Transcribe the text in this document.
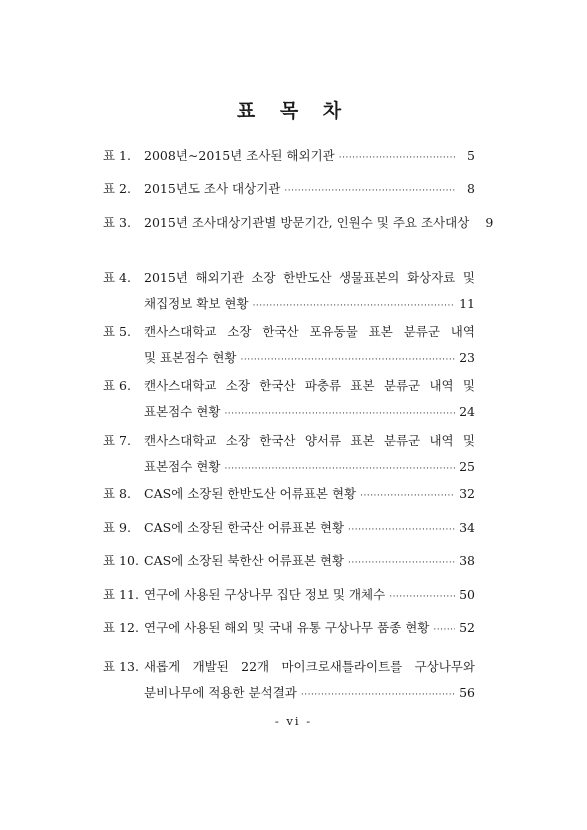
표 목 차
표 1. 2008년∼2015년 조사된 해외기관 ·····	5
표 2. 2015년도 조사 대상기관 ·····	8
표 3. 2015년 조사대상기관별 방문기간, 인원수 및 주요 조사대상	9
표 4. 2015년 해외기관 소장 한반도산 생물표본의 화상자료 및
채집정보 확보 현황 ·····	11
표 5. 캔사스대학교 소장 한국산 포유동물 표본 분류군 내역
및 표본점수 현황 ·····	23
표 6. 캔사스대학교 소장 한국산 파충류 표본 분류군 내역 및
표본점수 현황 ·····	24
표 7. 캔사스대학교 소장 한국산 양서류 표본 분류군 내역 및
표본점수 현황 ·····	25
표 8. CAS에 소장된 한반도산 어류표본 현황 ·····	32
표 9. CAS에 소장된 한국산 어류표본 현황 ·····	34
표 10. CAS에 소장된 북한산 어류표본 현황 ·····	38
표 11. 연구에 사용된 구상나무 집단 정보 및 개체수 ·····	50
표 12. 연구에 사용된 해외 및 국내 유통 구상나무 품종 현황 ····· 52
표 13. 새롭게 개발된 22개 마이크로새틀라이트를 구상나무와
분비나무에 적용한 분석결과 ·····	56
- vi -
